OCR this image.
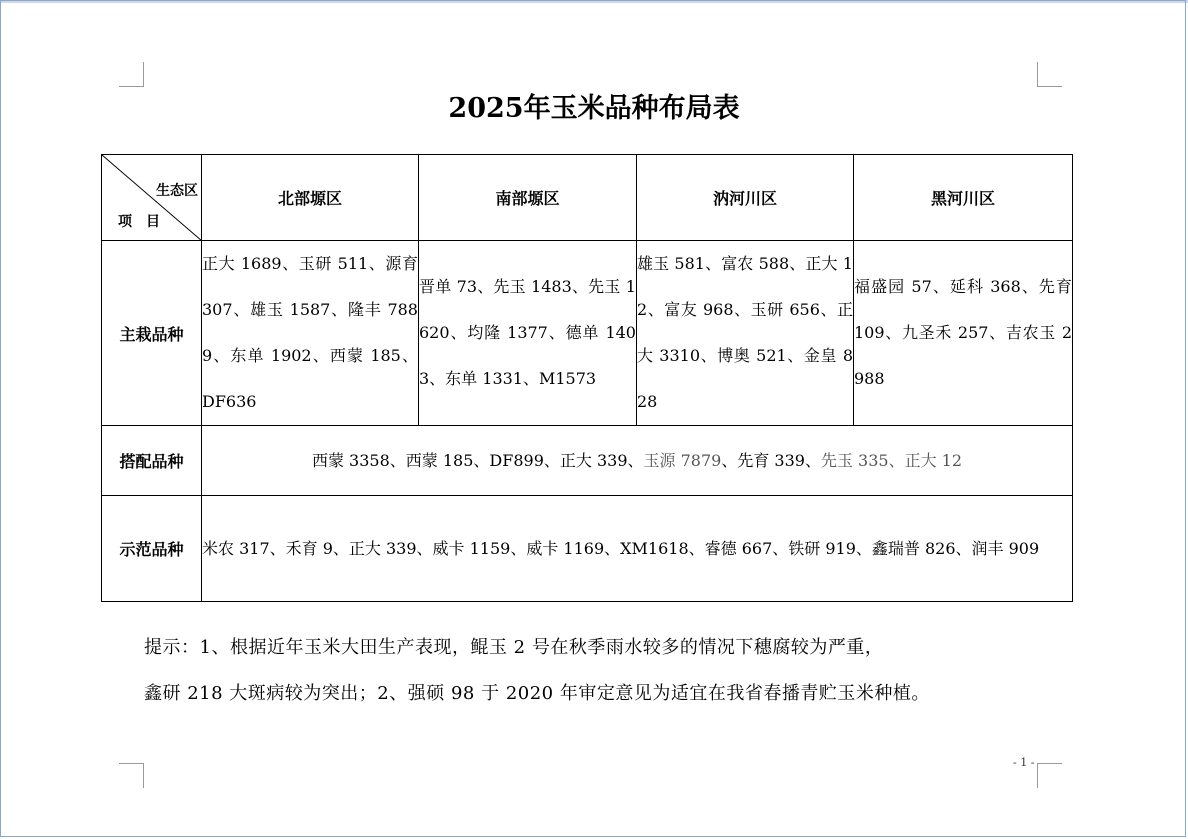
2025年玉米品种布局表
生态区
项　目	北部塬区	南部塬区	汭河川区	黑河川区
主栽品种	正大 1689、玉研 511、源育 307、雄玉 1587、隆丰 7889、东单 1902、西蒙 185、DF636	晋单 73、先玉 1483、先玉 1620、均隆 1377、德单 1403、东单 1331、M1573	雄玉 581、富农 588、正大 12、富友 968、玉研 656、正大 3310、博奥 521、金皇 828	福盛园 57、延科 368、先育 109、九圣禾 257、吉农玉 2988
搭配品种	西蒙 3358、西蒙 185、DF899、正大 339、玉源 7879、先育 339、先玉 335、正大 12			
示范品种	米农 317、禾育 9、正大 339、威卡 1159、威卡 1169、XM1618、睿德 667、铁研 919、鑫瑞普 826、润丰 909			
提示：1、根据近年玉米大田生产表现，鲲玉 2 号在秋季雨水较多的情况下穗腐较为严重，
鑫研 218 大斑病较为突出；2、强硕 98 于 2020 年审定意见为适宜在我省春播青贮玉米种植。
- 1 -
